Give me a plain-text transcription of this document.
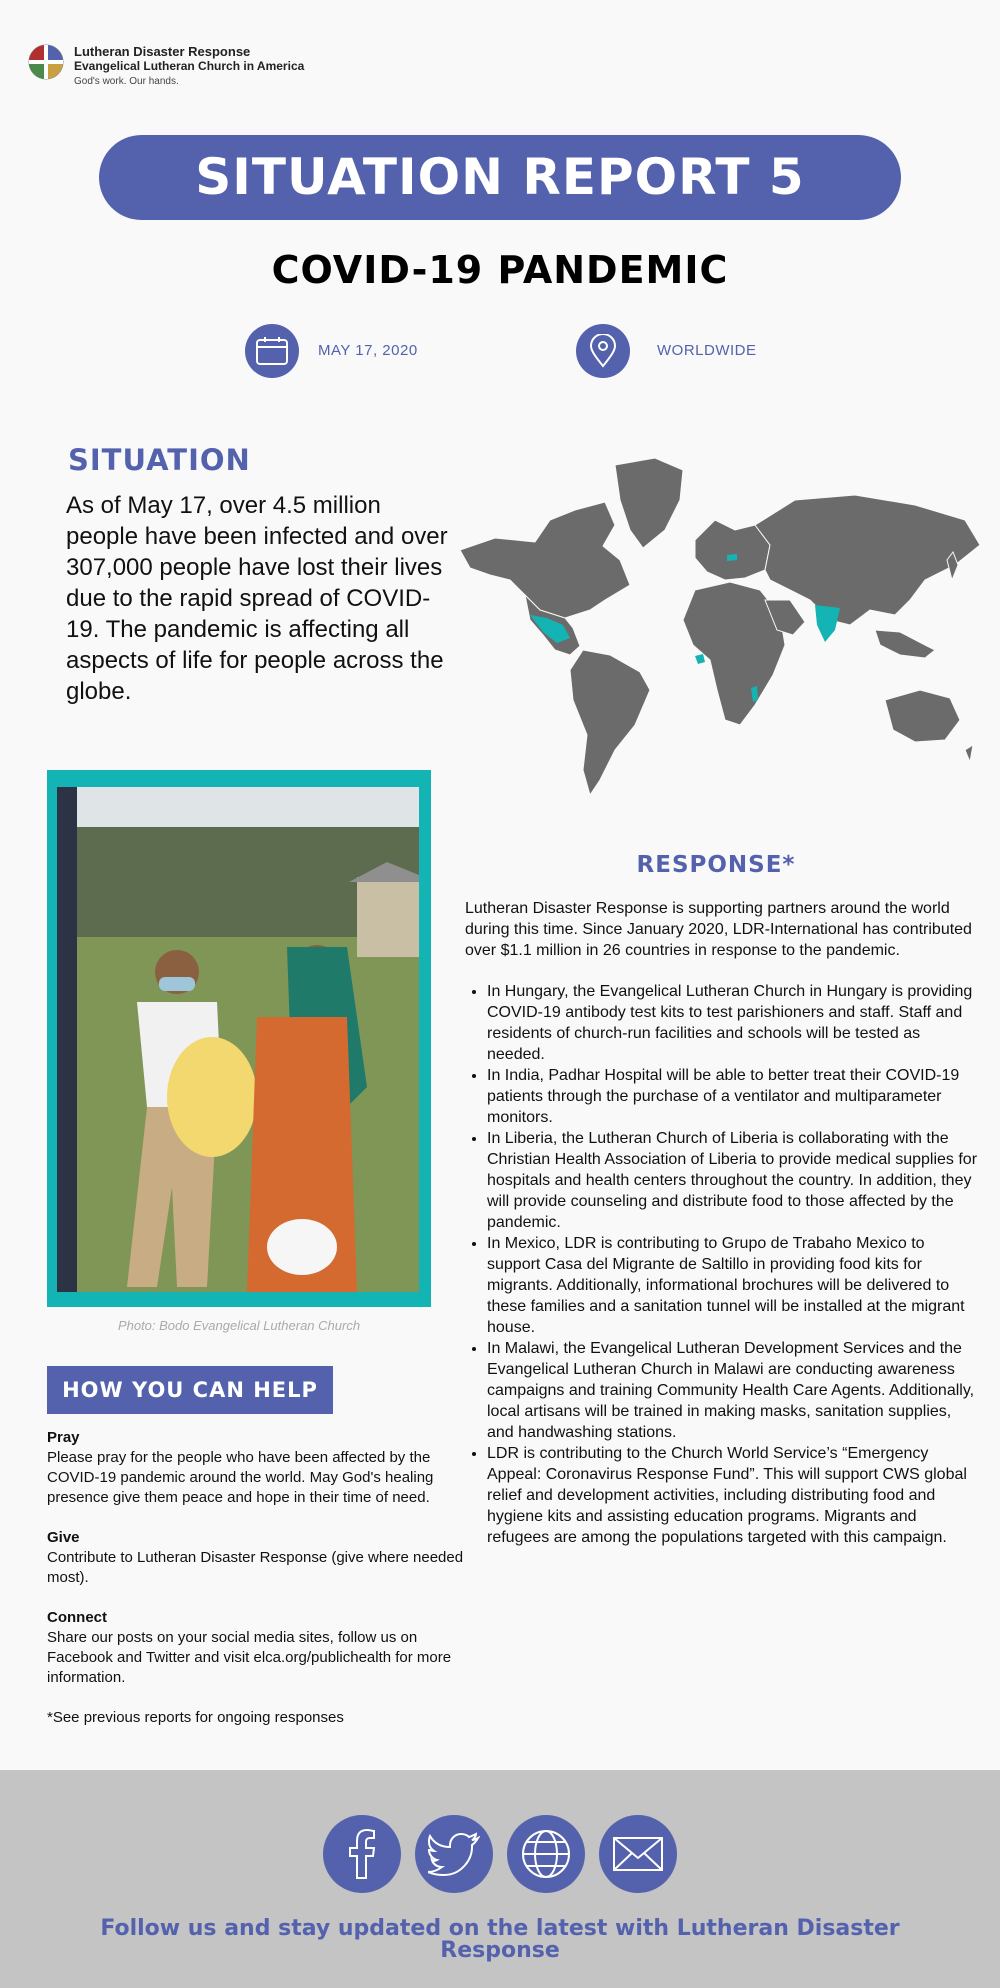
Lutheran Disaster Response
Evangelical Lutheran Church in America
God's work. Our hands.
SITUATION REPORT 5
COVID-19 PANDEMIC
MAY 17, 2020	WORLDWIDE
SITUATION
As of May 17, over 4.5 million people have been infected and over 307,000 people have lost their lives due to the rapid spread of COVID-19. The pandemic is affecting all aspects of life for people across the globe.
Photo: Bodo Evangelical Lutheran Church
HOW YOU CAN HELP
Pray

Please pray for the people who have been affected by the COVID-19 pandemic around the world. May God's healing presence give them peace and hope in their time of need.

Give

Contribute to Lutheran Disaster Response (give where needed most).

Connect

Share our posts on your social media sites, follow us on Facebook and Twitter and visit elca.org/publichealth for more information.

*See previous reports for ongoing responses

RESPONSE*

Lutheran Disaster Response is supporting partners around the world during this time. Since January 2020, LDR-International has contributed over $1.1 million in 26 countries in response to the pandemic.

• In Hungary, the Evangelical Lutheran Church in Hungary is providing COVID-19 antibody test kits to test parishioners and staff. Staff and residents of church-run facilities and schools will be tested as needed.
• In India, Padhar Hospital will be able to better treat their COVID-19 patients through the purchase of a ventilator and multiparameter monitors.
• In Liberia, the Lutheran Church of Liberia is collaborating with the Christian Health Association of Liberia to provide medical supplies for hospitals and health centers throughout the country. In addition, they will provide counseling and distribute food to those affected by the pandemic.
• In Mexico, LDR is contributing to Grupo de Trabaho Mexico to support Casa del Migrante de Saltillo in providing food kits for migrants. Additionally, informational brochures will be delivered to these families and a sanitation tunnel will be installed at the migrant house.
• In Malawi, the Evangelical Lutheran Development Services and the Evangelical Lutheran Church in Malawi are conducting awareness campaigns and training Community Health Care Agents. Additionally, local artisans will be trained in making masks, sanitation supplies, and handwashing stations.
• LDR is contributing to the Church World Service’s “Emergency Appeal: Coronavirus Response Fund”. This will support CWS global relief and development activities, including distributing food and hygiene kits and assisting education programs. Migrants and refugees are among the populations targeted with this campaign.
Follow us and stay updated on the latest with Lutheran Disaster Response
